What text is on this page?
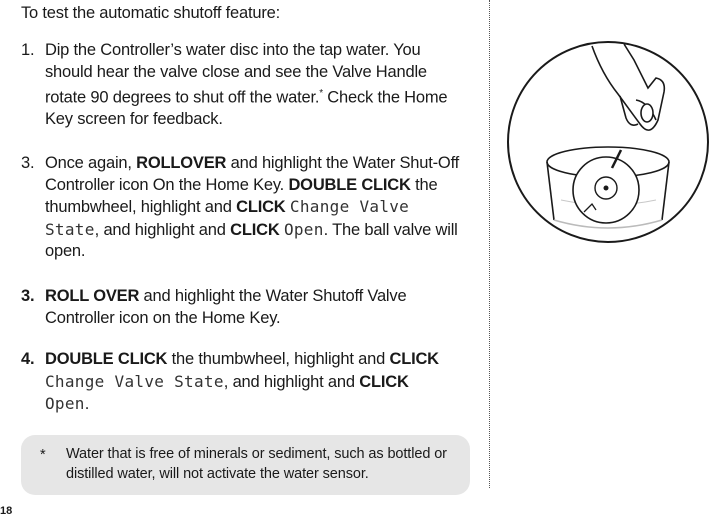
To test the automatic shutoff feature:
1. Dip the Controller’s water disc into the tap water. You should hear the valve close and see the Valve Handle rotate 90 degrees to shut off the water.* Check the Home Key screen for feedback.
3. Once again, ROLLOVER and highlight the Water Shut-Off Controller icon On the Home Key. DOUBLE CLICK the thumbwheel, highlight and CLICK Change Valve State, and highlight and CLICK Open. The ball valve will open.
3. ROLL OVER and highlight the Water Shutoff Valve Controller icon on the Home Key.
4. DOUBLE CLICK the thumbwheel, highlight and CLICK
Change Valve State, and highlight and CLICK
Open.
* Water that is free of minerals or sediment, such as bottled or distilled water, will not activate the water sensor.
18
